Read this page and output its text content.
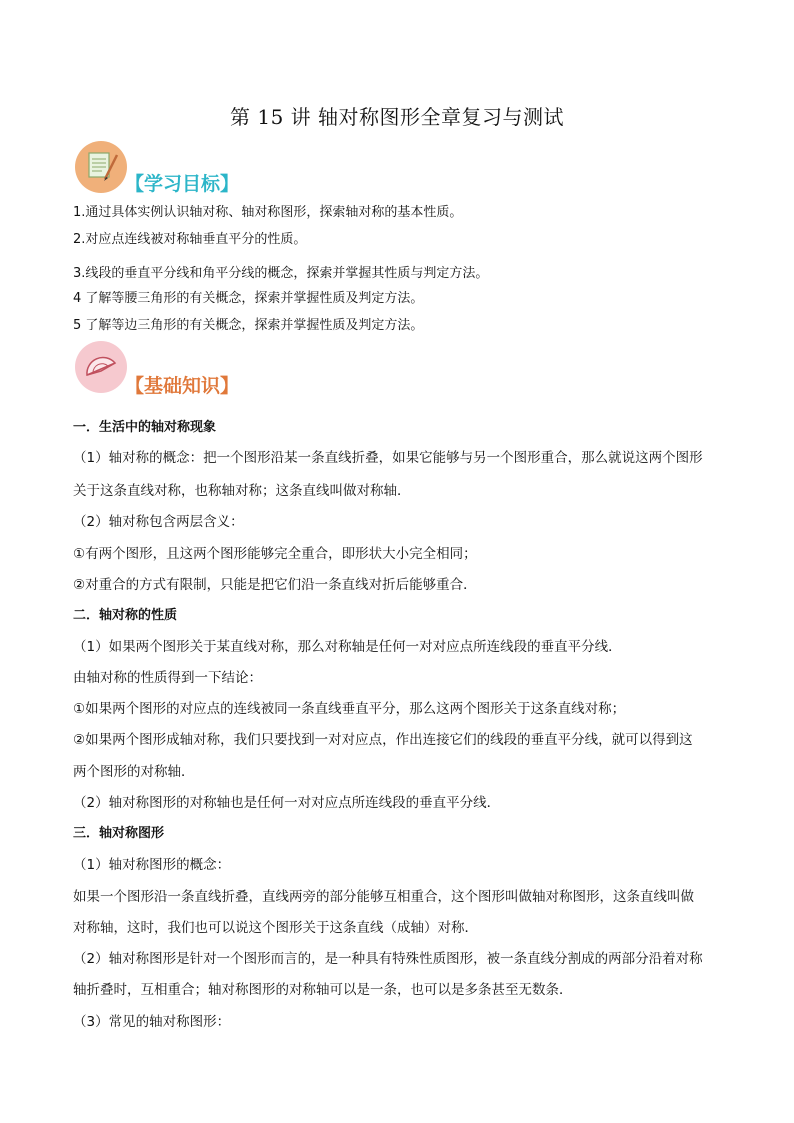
第 15 讲 轴对称图形全章复习与测试
【学习目标】
1.通过具体实例认识轴对称、轴对称图形，探索轴对称的基本性质。
2.对应点连线被对称轴垂直平分的性质。
3.线段的垂直平分线和角平分线的概念，探索并掌握其性质与判定方法。
4 了解等腰三角形的有关概念，探索并掌握性质及判定方法。
5 了解等边三角形的有关概念，探索并掌握性质及判定方法。
【基础知识】
一．生活中的轴对称现象
（1）轴对称的概念：把一个图形沿某一条直线折叠，如果它能够与另一个图形重合，那么就说这两个图形
关于这条直线对称，也称轴对称；这条直线叫做对称轴．
（2）轴对称包含两层含义：
①有两个图形，且这两个图形能够完全重合，即形状大小完全相同；
②对重合的方式有限制，只能是把它们沿一条直线对折后能够重合．
二．轴对称的性质
（1）如果两个图形关于某直线对称，那么对称轴是任何一对对应点所连线段的垂直平分线．
由轴对称的性质得到一下结论：
①如果两个图形的对应点的连线被同一条直线垂直平分，那么这两个图形关于这条直线对称；
②如果两个图形成轴对称，我们只要找到一对对应点，作出连接它们的线段的垂直平分线，就可以得到这
两个图形的对称轴．
（2）轴对称图形的对称轴也是任何一对对应点所连线段的垂直平分线．
三．轴对称图形
（1）轴对称图形的概念：
如果一个图形沿一条直线折叠，直线两旁的部分能够互相重合，这个图形叫做轴对称图形，这条直线叫做
对称轴，这时，我们也可以说这个图形关于这条直线（成轴）对称．
（2）轴对称图形是针对一个图形而言的，是一种具有特殊性质图形，被一条直线分割成的两部分沿着对称
轴折叠时，互相重合；轴对称图形的对称轴可以是一条，也可以是多条甚至无数条．
（3）常见的轴对称图形：
